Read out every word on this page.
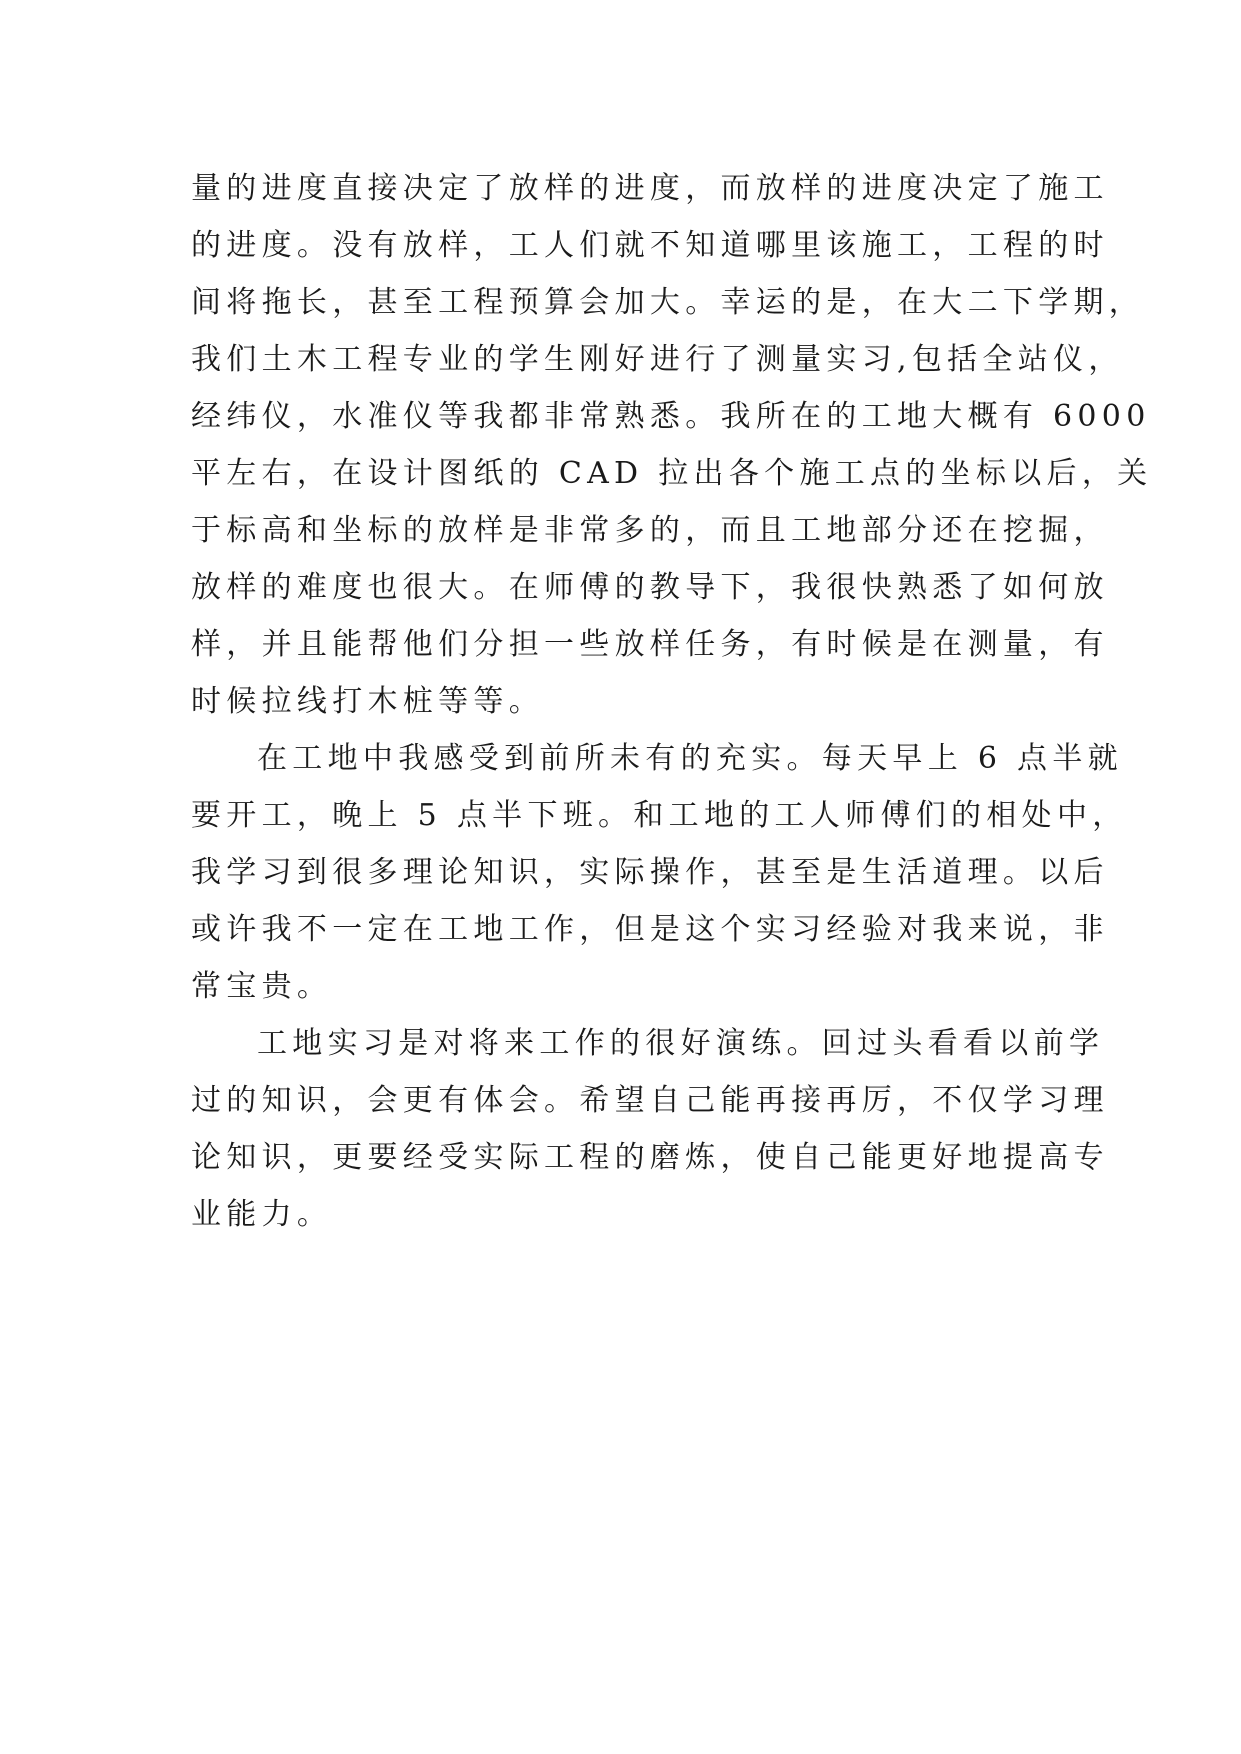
量的进度直接决定了放样的进度，而放样的进度决定了施工
的进度。没有放样，工人们就不知道哪里该施工，工程的时
间将拖长，甚至工程预算会加大。幸运的是，在大二下学期，
我们土木工程专业的学生刚好进行了测量实习,包括全站仪，
经纬仪，水准仪等我都非常熟悉。我所在的工地大概有 6000
平左右，在设计图纸的 CAD 拉出各个施工点的坐标以后，关
于标高和坐标的放样是非常多的，而且工地部分还在挖掘，
放样的难度也很大。在师傅的教导下，我很快熟悉了如何放
样，并且能帮他们分担一些放样任务，有时候是在测量，有
时候拉线打木桩等等。
在工地中我感受到前所未有的充实。每天早上 6 点半就
要开工，晚上 5 点半下班。和工地的工人师傅们的相处中，
我学习到很多理论知识，实际操作，甚至是生活道理。以后
或许我不一定在工地工作，但是这个实习经验对我来说，非
常宝贵。
工地实习是对将来工作的很好演练。回过头看看以前学
过的知识，会更有体会。希望自己能再接再厉，不仅学习理
论知识，更要经受实际工程的磨炼，使自己能更好地提高专
业能力。
